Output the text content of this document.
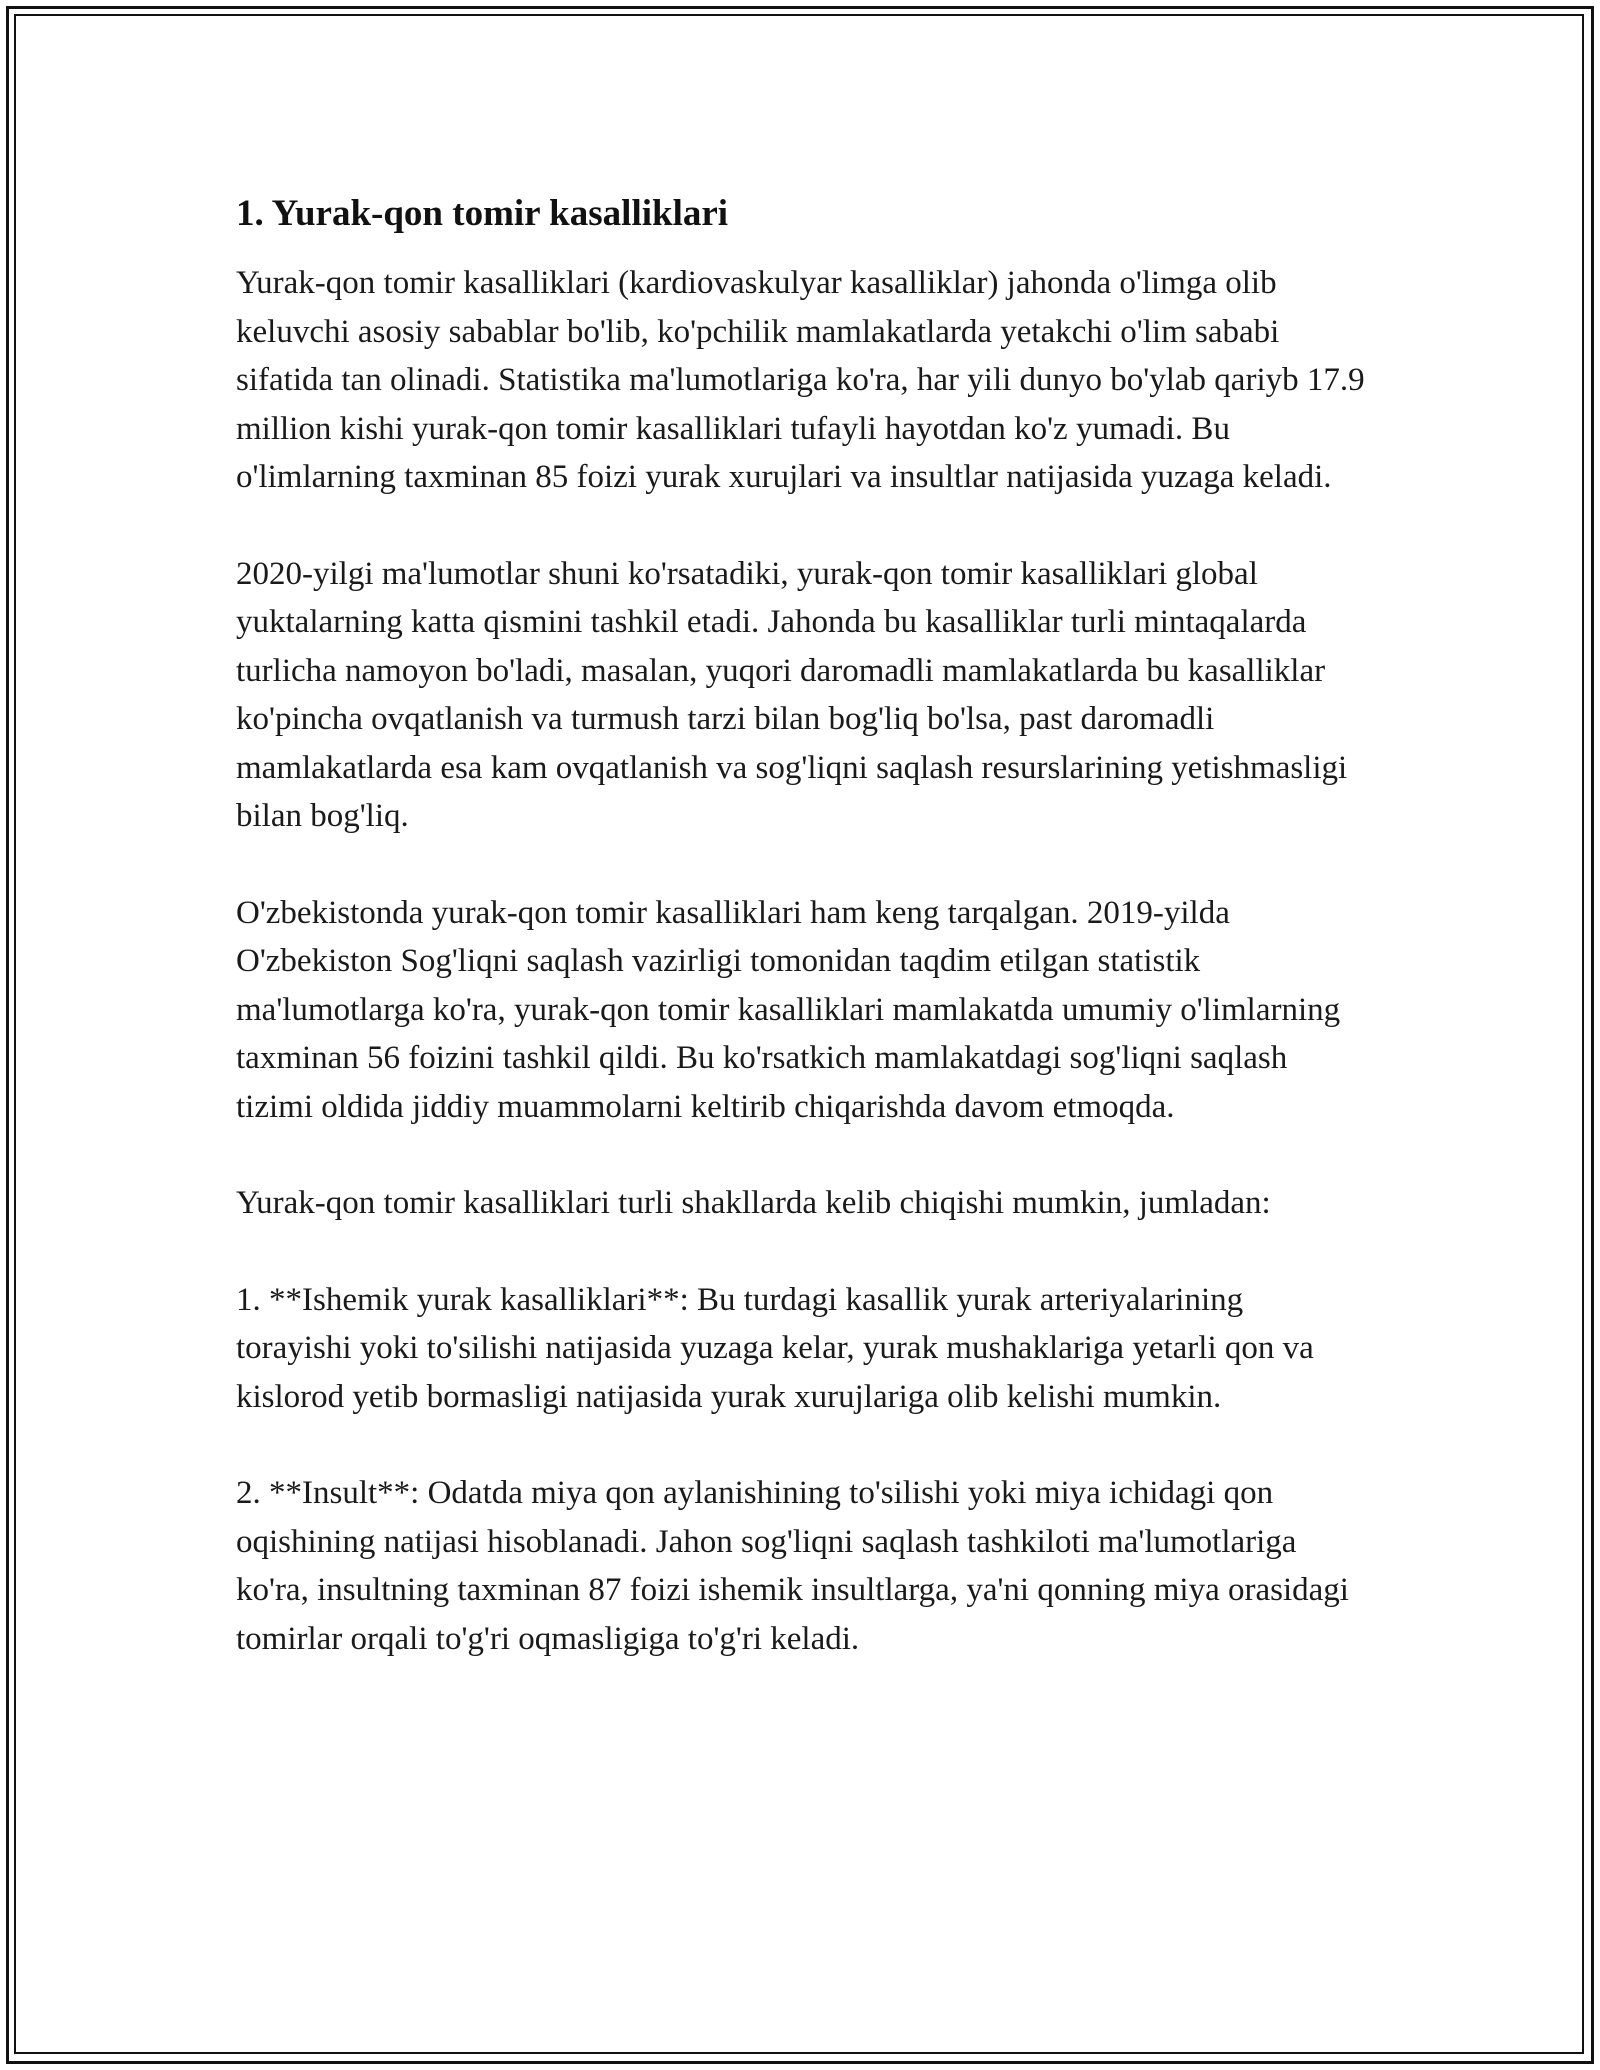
1. Yurak-qon tomir kasalliklari

Yurak-qon tomir kasalliklari (kardiovaskulyar kasalliklar) jahonda o'limga olib keluvchi asosiy sabablar bo'lib, ko'pchilik mamlakatlarda yetakchi o'lim sababi sifatida tan olinadi. Statistika ma'lumotlariga ko'ra, har yili dunyo bo'ylab qariyb 17.9 million kishi yurak-qon tomir kasalliklari tufayli hayotdan ko'z yumadi. Bu o'limlarning taxminan 85 foizi yurak xurujlari va insultlar natijasida yuzaga keladi.

2020-yilgi ma'lumotlar shuni ko'rsatadiki, yurak-qon tomir kasalliklari global yuktalarning katta qismini tashkil etadi. Jahonda bu kasalliklar turli mintaqalarda turlicha namoyon bo'ladi, masalan, yuqori daromadli mamlakatlarda bu kasalliklar ko'pincha ovqatlanish va turmush tarzi bilan bog'liq bo'lsa, past daromadli mamlakatlarda esa kam ovqatlanish va sog'liqni saqlash resurslarining yetishmasligi bilan bog'liq.

O'zbekistonda yurak-qon tomir kasalliklari ham keng tarqalgan. 2019-yilda O'zbekiston Sog'liqni saqlash vazirligi tomonidan taqdim etilgan statistik ma'lumotlarga ko'ra, yurak-qon tomir kasalliklari mamlakatda umumiy o'limlarning taxminan 56 foizini tashkil qildi. Bu ko'rsatkich mamlakatdagi sog'liqni saqlash tizimi oldida jiddiy muammolarni keltirib chiqarishda davom etmoqda.

Yurak-qon tomir kasalliklari turli shakllarda kelib chiqishi mumkin, jumladan:

1. **Ishemik yurak kasalliklari**: Bu turdagi kasallik yurak arteriyalarining torayishi yoki to'silishi natijasida yuzaga kelar, yurak mushaklariga yetarli qon va kislorod yetib bormasligi natijasida yurak xurujlariga olib kelishi mumkin.

2. **Insult**: Odatda miya qon aylanishining to'silishi yoki miya ichidagi qon oqishining natijasi hisoblanadi. Jahon sog'liqni saqlash tashkiloti ma'lumotlariga ko'ra, insultning taxminan 87 foizi ishemik insultlarga, ya'ni qonning miya orasidagi tomirlar orqali to'g'ri oqmasligiga to'g'ri keladi.
